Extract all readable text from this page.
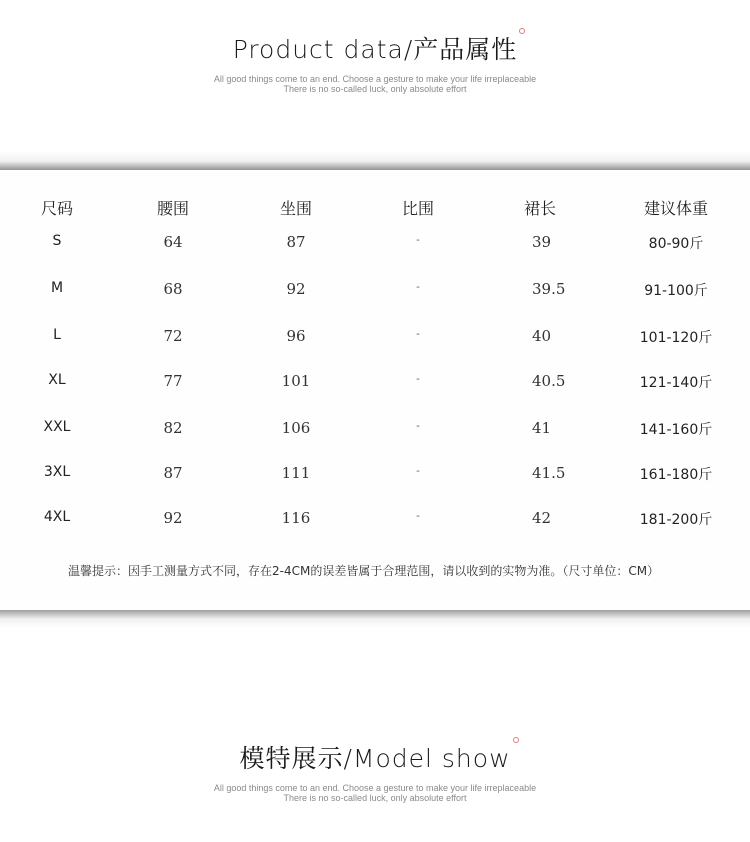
Product data/产品属性
All good things come to an end. Choose a gesture to make your life irreplaceable
There is no so-called luck, only absolute effort
尺码	腰围	坐围	比围	裙长	建议体重
S	64	87	-	39	80-90斤
M	68	92	-	39.5	91-100斤
L	72	96	-	40	101-120斤
XL	77	101	-	40.5	121-140斤
XXL	82	106	-	41	141-160斤
3XL	87	111	-	41.5	161-180斤
4XL	92	116	-	42	181-200斤
温馨提示：因手工测量方式不同，存在2-4CM的误差皆属于合理范围，请以收到的实物为准。（尺寸单位：CM）
模特展示/Model show
All good things come to an end. Choose a gesture to make your life irreplaceable
There is no so-called luck, only absolute effort
